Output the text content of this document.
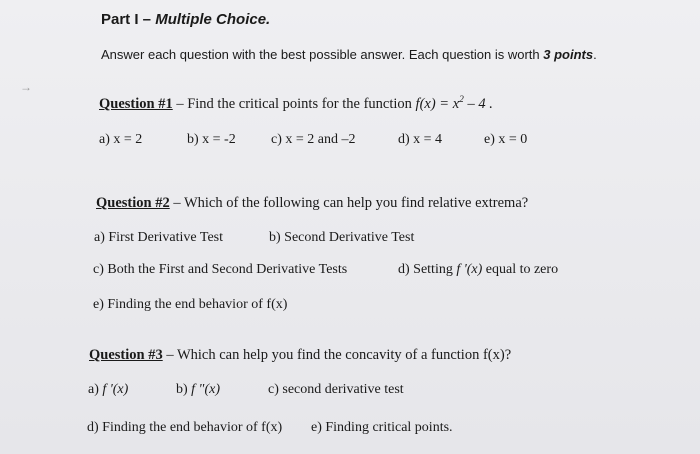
→
Part I – Multiple Choice.
Answer each question with the best possible answer. Each question is worth 3 points.
Question #1 – Find the critical points for the function $f(x) = x^2 - 4$ .
a) x = 2	b) x = -2	c) x = 2 and –2	d) x = 4	e) x = 0
Question #2 – Which of the following can help you find relative extrema?
a) First Derivative Test	b) Second Derivative Test
c) Both the First and Second Derivative Tests	d) Setting f '(x) equal to zero
e) Finding the end behavior of f(x)
Question #3 – Which can help you find the concavity of a function f(x)?
a) f '(x)	b) f "(x)	c) second derivative test
d) Finding the end behavior of f(x) e) Finding critical points.
